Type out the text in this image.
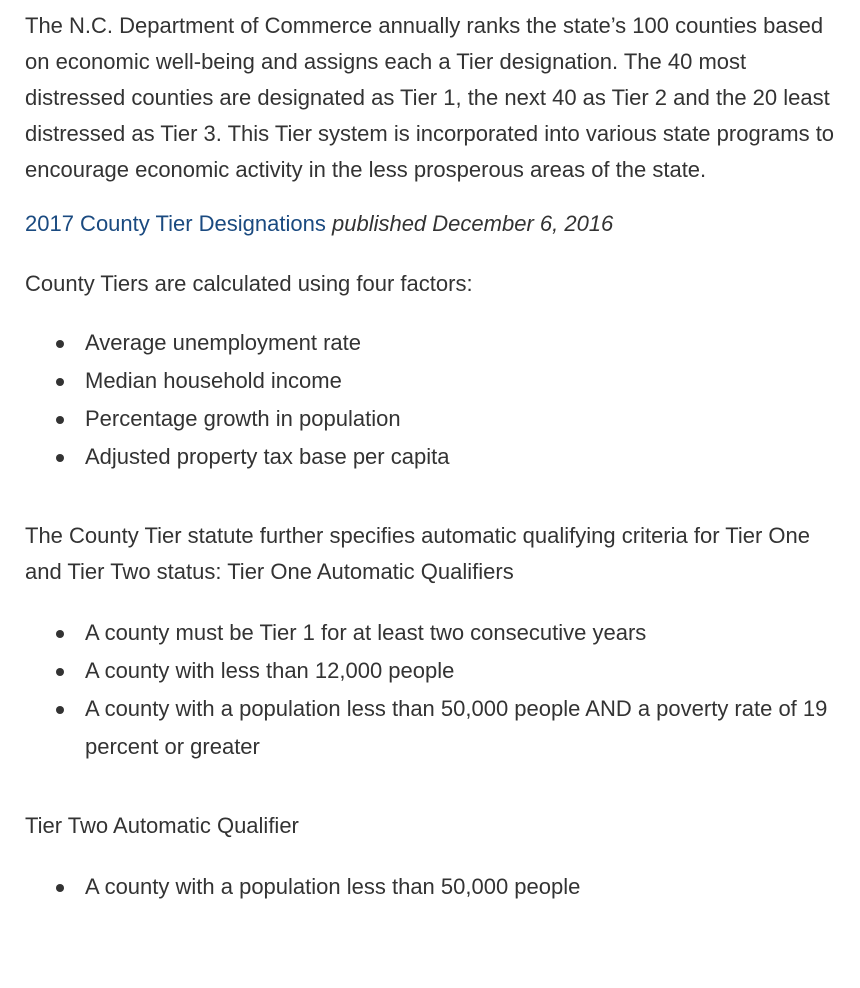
The N.C. Department of Commerce annually ranks the state’s 100 counties based on economic well-being and assigns each a Tier designation. The 40 most distressed counties are designated as Tier 1, the next 40 as Tier 2 and the 20 least distressed as Tier 3. This Tier system is incorporated into various state programs to encourage economic activity in the less prosperous areas of the state.

2017 County Tier Designations published December 6, 2016

County Tiers are calculated using four factors:

Average unemployment rate
Median household income
Percentage growth in population
Adjusted property tax base per capita

The County Tier statute further specifies automatic qualifying criteria for Tier One and Tier Two status: Tier One Automatic Qualifiers

A county must be Tier 1 for at least two consecutive years
A county with less than 12,000 people
A county with a population less than 50,000 people AND a poverty rate of 19 percent or greater

Tier Two Automatic Qualifier

A county with a population less than 50,000 people
